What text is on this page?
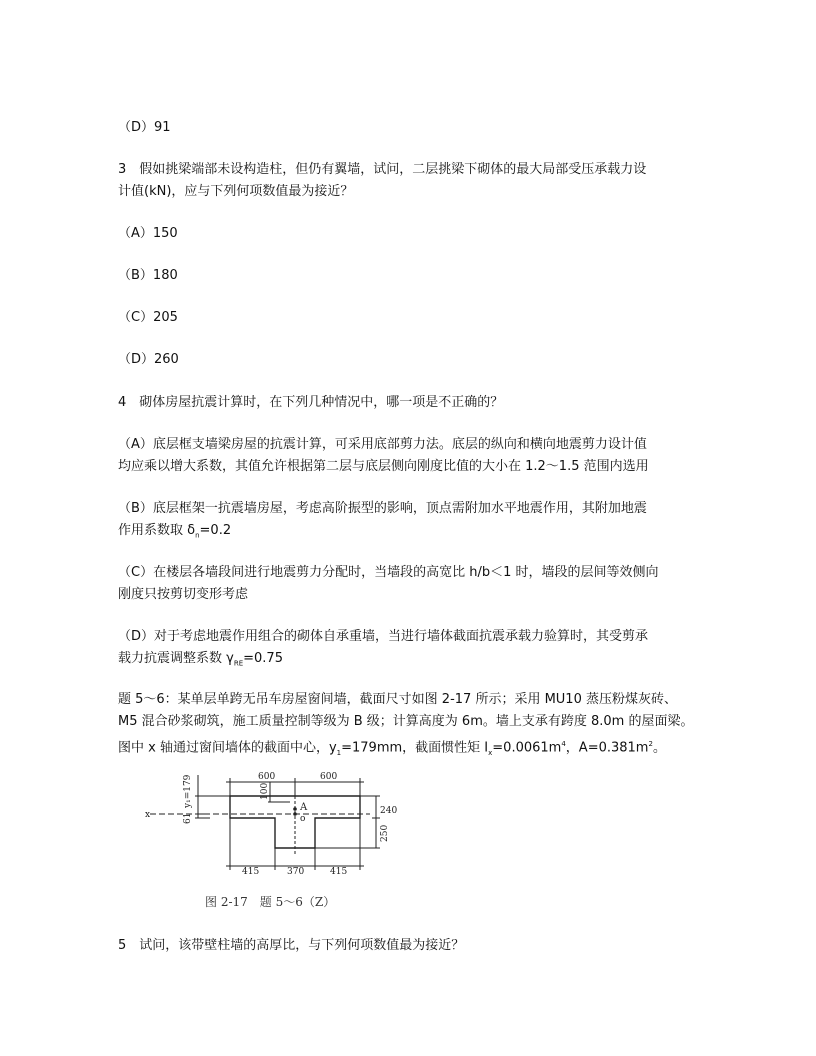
（D）91
3　假如挑梁端部未设构造柱，但仍有翼墙，试问，二层挑梁下砌体的最大局部受压承载力设
计值(kN)，应与下列何项数值最为接近？
（A）150
（B）180
（C）205
（D）260
4　砌体房屋抗震计算时，在下列几种情况中，哪一项是不正确的？
（A）底层框支墙梁房屋的抗震计算，可采用底部剪力法。底层的纵向和横向地震剪力设计值
均应乘以增大系数，其值允许根据第二层与底层侧向刚度比值的大小在 1.2～1.5 范围内选用
（B）底层框架一抗震墙房屋，考虑高阶振型的影响，顶点需附加水平地震作用，其附加地震
作用系数取 $\delta_n=0.2$
（C）在楼层各墙段间进行地震剪力分配时，当墙段的高宽比 h/b＜1 时，墙段的层间等效侧向
刚度只按剪切变形考虑
（D）对于考虑地震作用组合的砌体自承重墙，当进行墙体截面抗震承载力验算时，其受剪承
载力抗震调整系数 $\gamma_{RE}=0.75$
题 5～6：某单层单跨无吊车房屋窗间墙，截面尺寸如图 2-17 所示；采用 MU10 蒸压粉煤灰砖、
M5 混合砂浆砌筑，施工质量控制等级为 B 级；计算高度为 6m。墙上支承有跨度 8.0m 的屋面梁。
图中 x 轴通过窗间墙体的截面中心，$y_1=179mm$，截面惯性矩 $I_x=0.0061m^4$，$A=0.381m^2$。
600	600
100
y₁=179
61
240
250
415	370	415
x
A
o
图 2-17　题 5～6（Z）
5　试问，该带壁柱墙的高厚比，与下列何项数值最为接近？
